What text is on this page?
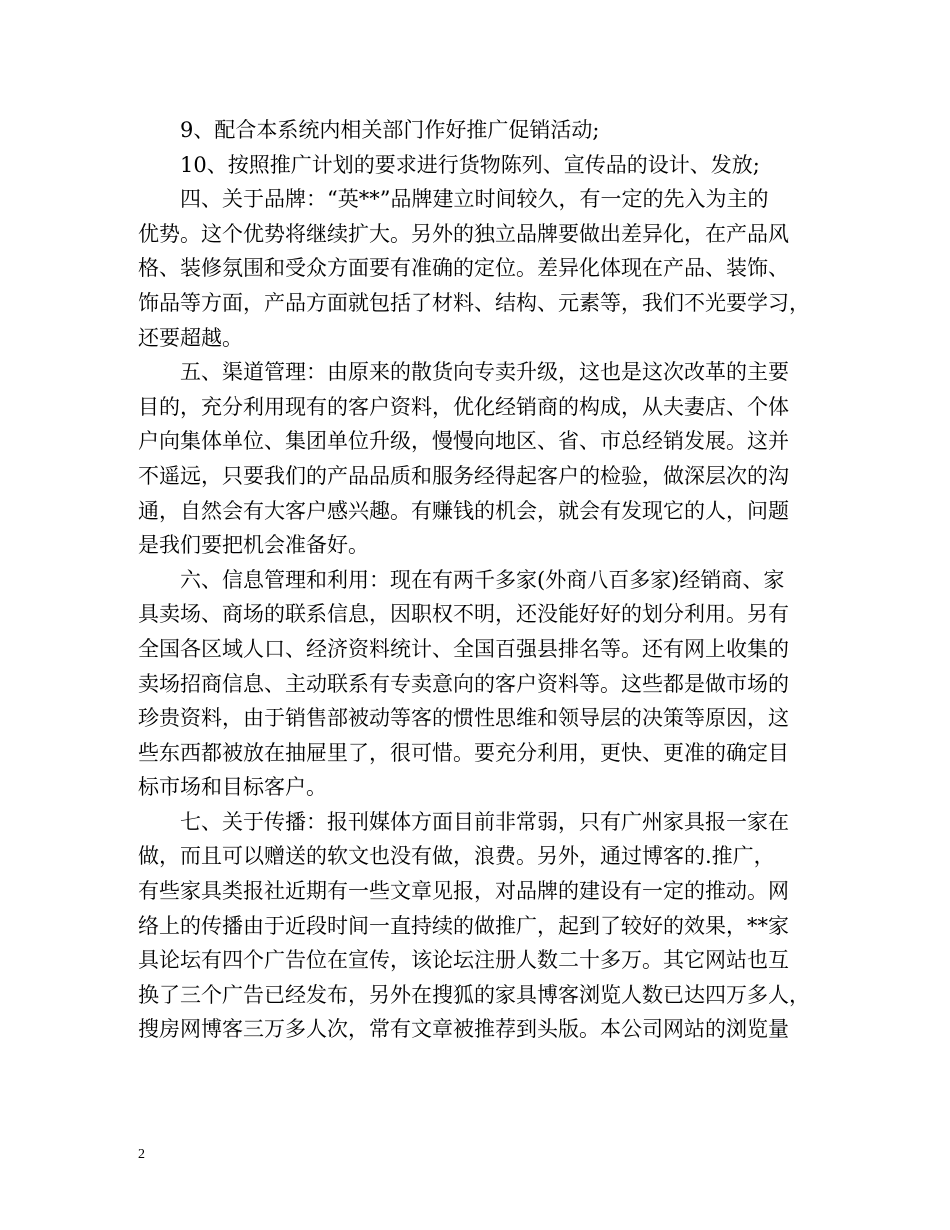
9、配合本系统内相关部门作好推广促销活动;
10、按照推广计划的要求进行货物陈列、宣传品的设计、发放;
四、关于品牌：“英**”品牌建立时间较久，有一定的先入为主的
优势。这个优势将继续扩大。另外的独立品牌要做出差异化，在产品风
格、装修氛围和受众方面要有准确的定位。差异化体现在产品、装饰、
饰品等方面，产品方面就包括了材料、结构、元素等，我们不光要学习，
还要超越。
五、渠道管理：由原来的散货向专卖升级，这也是这次改革的主要
目的，充分利用现有的客户资料，优化经销商的构成，从夫妻店、个体
户向集体单位、集团单位升级，慢慢向地区、省、市总经销发展。这并
不遥远，只要我们的产品品质和服务经得起客户的检验，做深层次的沟
通，自然会有大客户感兴趣。有赚钱的机会，就会有发现它的人，问题
是我们要把机会准备好。
六、信息管理和利用：现在有两千多家(外商八百多家)经销商、家
具卖场、商场的联系信息，因职权不明，还没能好好的划分利用。另有
全国各区域人口、经济资料统计、全国百强县排名等。还有网上收集的
卖场招商信息、主动联系有专卖意向的客户资料等。这些都是做市场的
珍贵资料，由于销售部被动等客的惯性思维和领导层的决策等原因，这
些东西都被放在抽屉里了，很可惜。要充分利用，更快、更准的确定目
标市场和目标客户。
七、关于传播：报刊媒体方面目前非常弱，只有广州家具报一家在
做，而且可以赠送的软文也没有做，浪费。另外，通过博客的.推广，
有些家具类报社近期有一些文章见报，对品牌的建设有一定的推动。网
络上的传播由于近段时间一直持续的做推广，起到了较好的效果，**家
具论坛有四个广告位在宣传，该论坛注册人数二十多万。其它网站也互
换了三个广告已经发布，另外在搜狐的家具博客浏览人数已达四万多人，
搜房网博客三万多人次，常有文章被推荐到头版。本公司网站的浏览量
2
